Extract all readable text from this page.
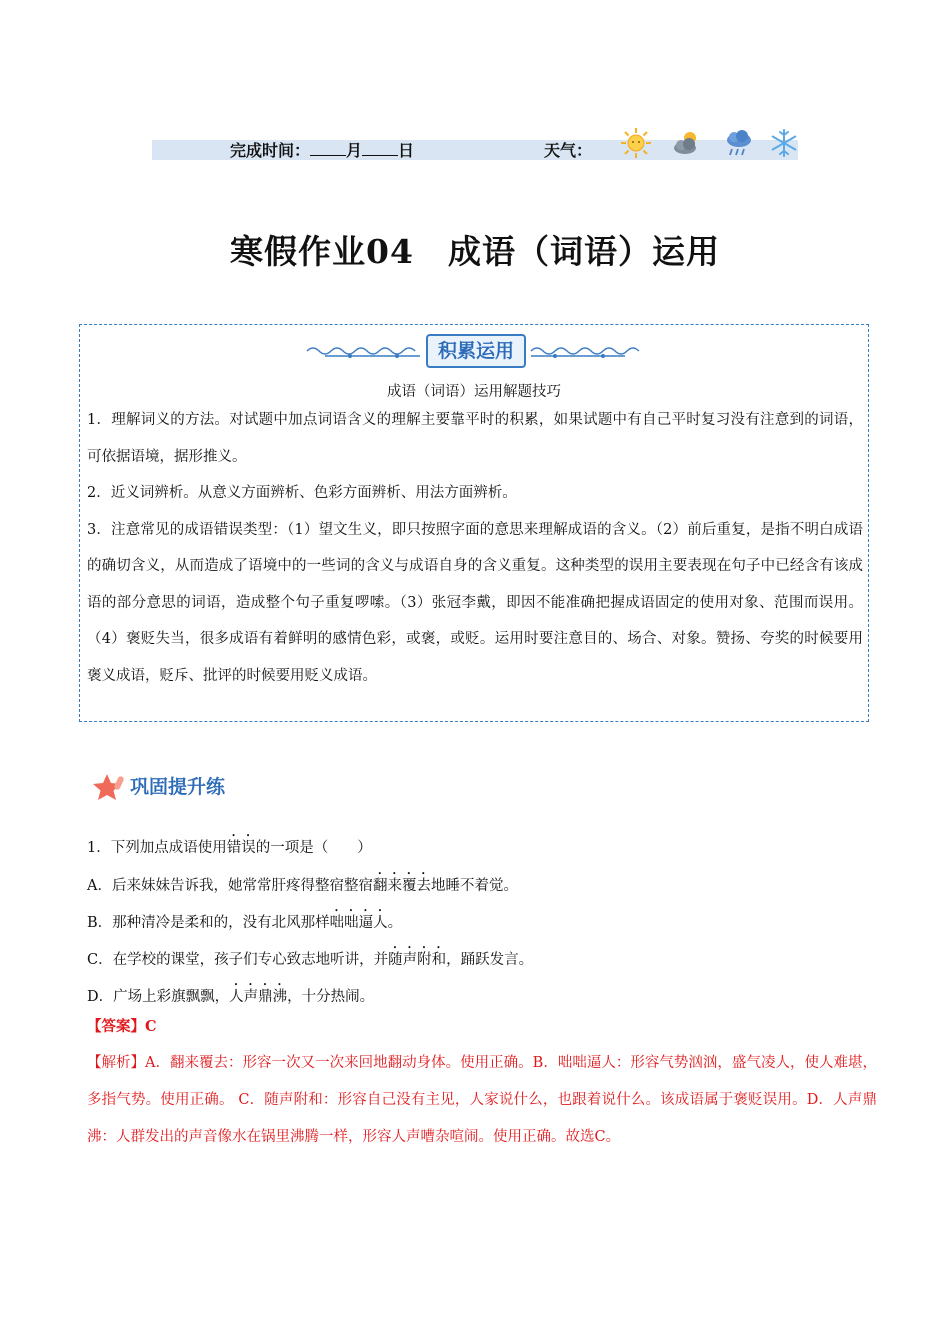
完成时间： 月 日	天气：
寒假作业04　成语（词语）运用
积累运用
成语（词语）运用解题技巧

1．理解词义的方法。对试题中加点词语含义的理解主要靠平时的积累，如果试题中有自己平时复习没有注意到的词语，可依据语境，据形推义。

2．近义词辨析。从意义方面辨析、色彩方面辨析、用法方面辨析。

3．注意常见的成语错误类型：（1）望文生义，即只按照字面的意思来理解成语的含义。（2）前后重复，是指不明白成语的确切含义，从而造成了语境中的一些词的含义与成语自身的含义重复。这种类型的误用主要表现在句子中已经含有该成语的部分意思的词语，造成整个句子重复啰嗦。（3）张冠李戴，即因不能准确把握成语固定的使用对象、范围而误用。（4）褒贬失当，很多成语有着鲜明的感情色彩，或褒，或贬。运用时要注意目的、场合、对象。赞扬、夸奖的时候要用褒义成语，贬斥、批评的时候要用贬义成语。

巩固提升练
1．下列加点成语使用错误的一项是（　　）
A．后来妹妹告诉我，她常常肝疼得整宿整宿翻来覆去地睡不着觉。
B．那种清冷是柔和的，没有北风那样咄咄逼人。
C．在学校的课堂，孩子们专心致志地听讲，并随声附和，踊跃发言。
D．广场上彩旗飘飘，人声鼎沸，十分热闹。
【答案】C
【解析】A．翻来覆去：形容一次又一次来回地翻动身体。使用正确。B．咄咄逼人：形容气势汹汹，盛气凌人，使人难堪，多指气势。使用正确。 C．随声附和：形容自己没有主见，人家说什么，也跟着说什么。该成语属于褒贬误用。D．人声鼎沸：人群发出的声音像水在锅里沸腾一样，形容人声嘈杂喧闹。使用正确。故选C。
